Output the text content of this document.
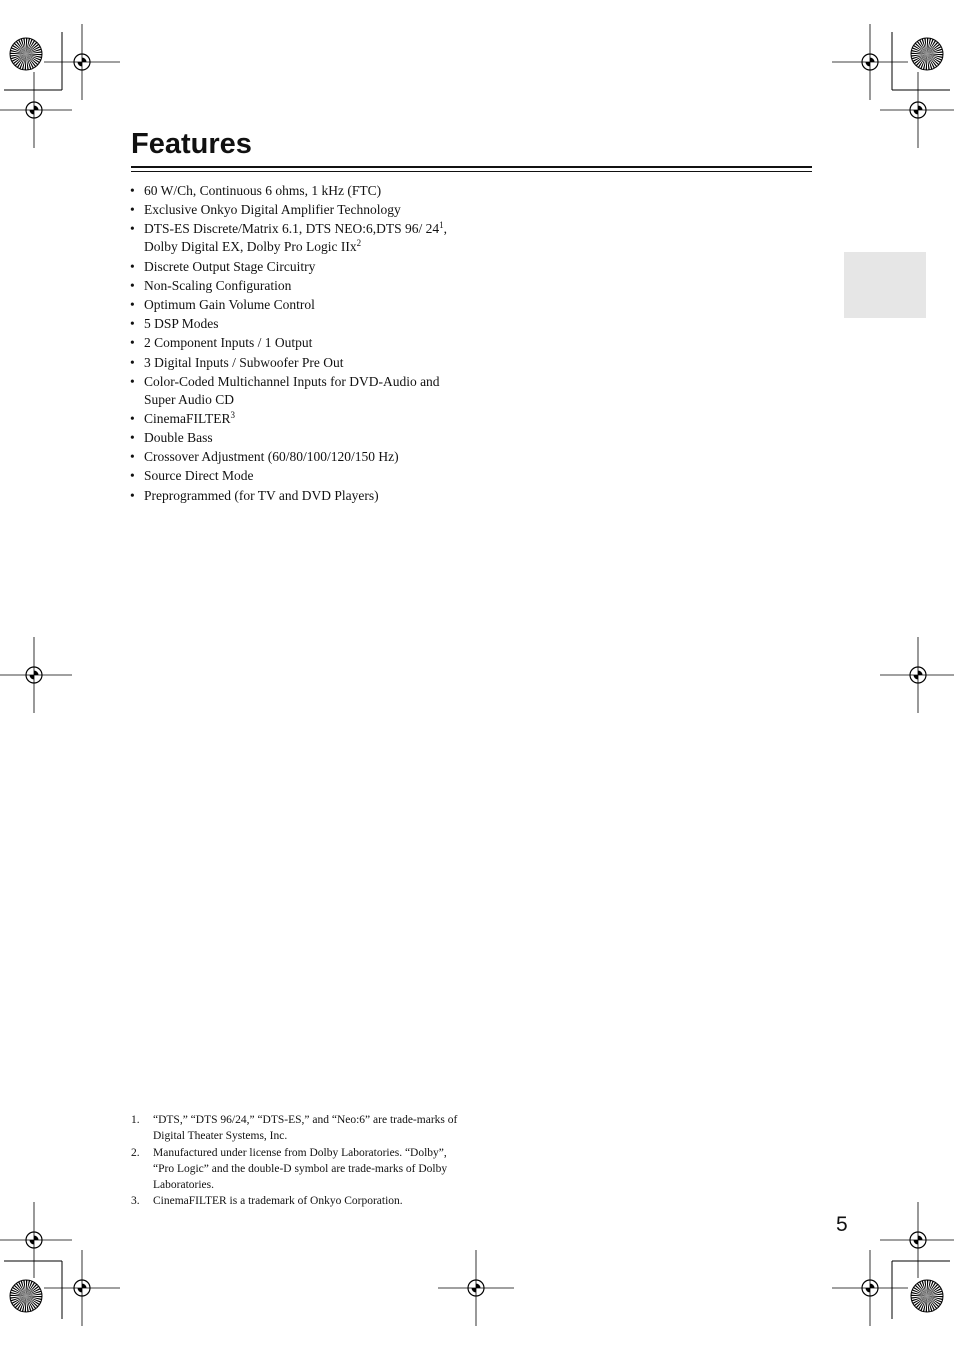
Features
• 60 W/Ch, Continuous 6 ohms, 1 kHz (FTC)
• Exclusive Onkyo Digital Amplifier Technology
• DTS-ES Discrete/Matrix 6.1, DTS NEO:6,DTS 96/ $24^1$, Dolby Digital EX, Dolby Pro Logic IIx$^2$
• Discrete Output Stage Circuitry
• Non-Scaling Configuration
• Optimum Gain Volume Control
• 5 DSP Modes
• 2 Component Inputs / 1 Output
• 3 Digital Inputs / Subwoofer Pre Out
• Color-Coded Multichannel Inputs for DVD-Audio and Super Audio CD
• CinemaFILTER$^3$
• Double Bass
• Crossover Adjustment (60/80/100/120/150 Hz)
• Source Direct Mode
• Preprogrammed (for TV and DVD Players)
1. “DTS,” “DTS 96/24,” “DTS-ES,” and “Neo:6” are trade-marks of Digital Theater Systems, Inc.
2. Manufactured under license from Dolby Laboratories. “Dolby”, “Pro Logic” and the double-D symbol are trade-marks of Dolby Laboratories.
3. CinemaFILTER is a trademark of Onkyo Corporation.
5
